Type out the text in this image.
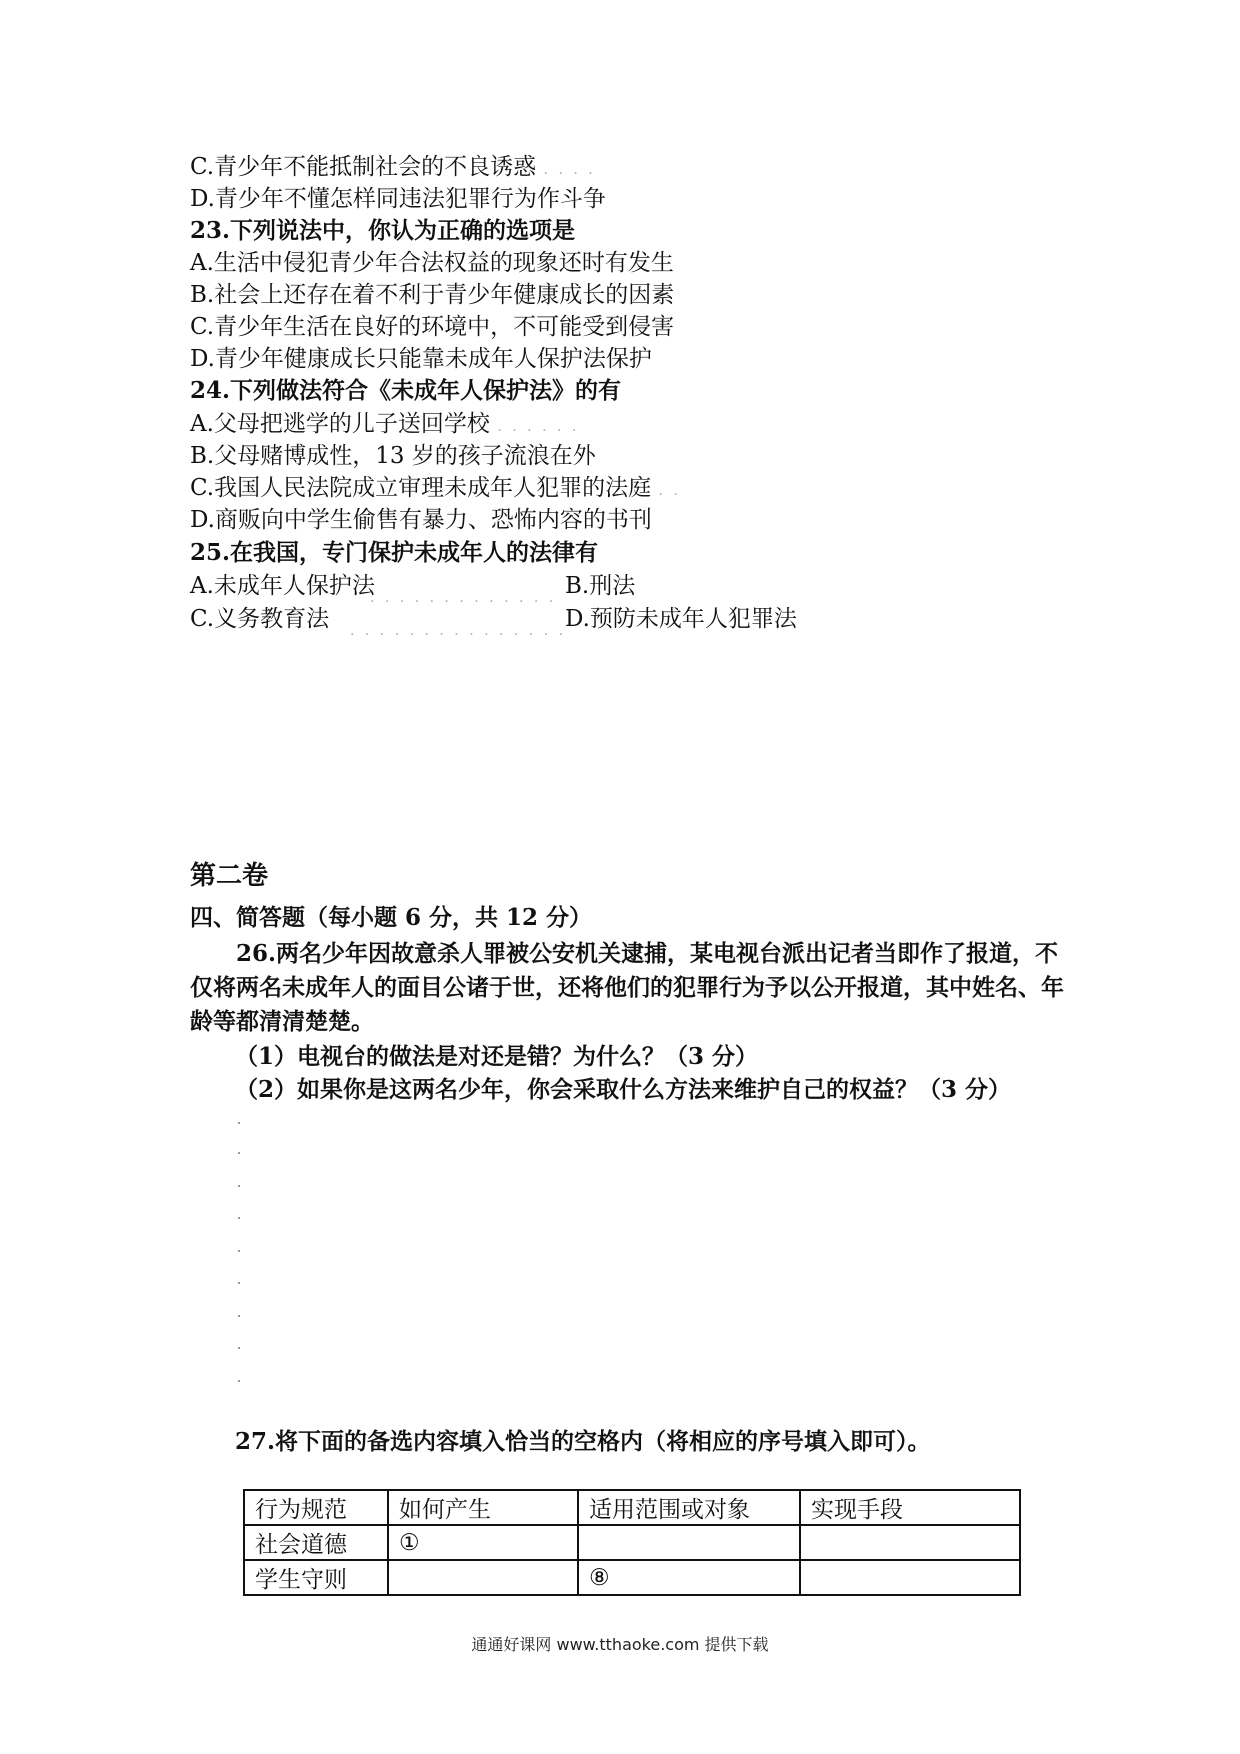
C.青少年不能抵制社会的不良诱惑 . . . .
D.青少年不懂怎样同违法犯罪行为作斗争
23.下列说法中，你认为正确的选项是
A.生活中侵犯青少年合法权益的现象还时有发生
B.社会上还存在着不利于青少年健康成长的因素
C.青少年生活在良好的环境中，不可能受到侵害
D.青少年健康成长只能靠未成年人保护法保护
24.下列做法符合《未成年人保护法》的有
A.父母把逃学的儿子送回学校 . . . . . .
B.父母赌博成性，13 岁的孩子流浪在外
C.我国人民法院成立审理未成年人犯罪的法庭 . .
D.商贩向中学生偷售有暴力、恐怖内容的书刊
25.在我国，专门保护未成年人的法律有
A.未成年人保护法	B.刑法
C.义务教育法	D.预防未成年人犯罪法
. . . . . . . . . . . . .
. . . . . . . . . . . . . . .
第二卷
四、简答题（每小题 6 分，共 12 分）
26.两名少年因故意杀人罪被公安机关逮捕，某电视台派出记者当即作了报道，不仅将两名未成年人的面目公诸于世，还将他们的犯罪行为予以公开报道，其中姓名、年龄等都清清楚楚。
（1）电视台的做法是对还是错？为什么？（3 分）
（2）如果你是这两名少年，你会采取什么方法来维护自己的权益？（3 分）
27.将下面的备选内容填入恰当的空格内（将相应的序号填入即可）。
行为规范	如何产生	适用范围或对象	实现手段
社会道德	①		
学生守则		⑧	
通通好课网 www.tthaoke.com 提供下载
